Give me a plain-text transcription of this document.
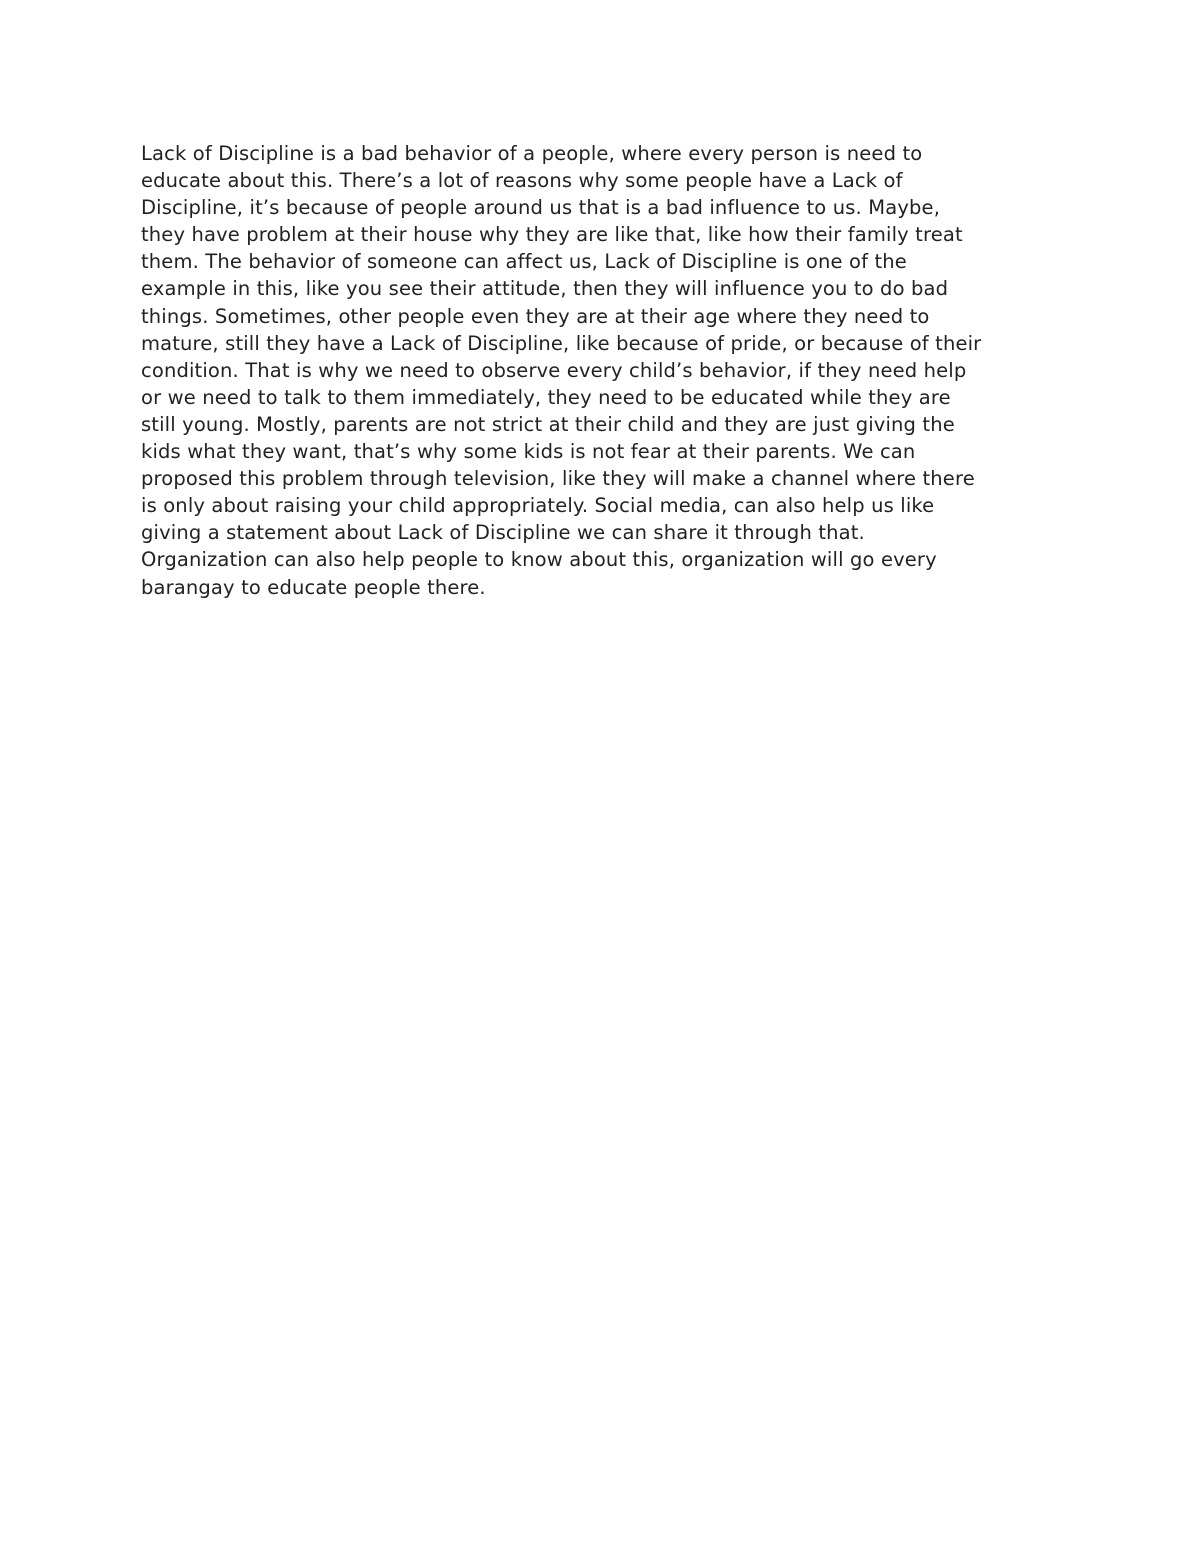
Lack of Discipline is a bad behavior of a people, where every person is need to
educate about this. There’s a lot of reasons why some people have a Lack of
Discipline, it’s because of people around us that is a bad influence to us. Maybe,
they have problem at their house why they are like that, like how their family treat
them. The behavior of someone can affect us, Lack of Discipline is one of the
example in this, like you see their attitude, then they will influence you to do bad
things. Sometimes, other people even they are at their age where they need to
mature, still they have a Lack of Discipline, like because of pride, or because of their
condition. That is why we need to observe every child’s behavior, if they need help
or we need to talk to them immediately, they need to be educated while they are
still young. Mostly, parents are not strict at their child and they are just giving the
kids what they want, that’s why some kids is not fear at their parents. We can
proposed this problem through television, like they will make a channel where there
is only about raising your child appropriately. Social media, can also help us like
giving a statement about Lack of Discipline we can share it through that.
Organization can also help people to know about this, organization will go every
barangay to educate people there.
